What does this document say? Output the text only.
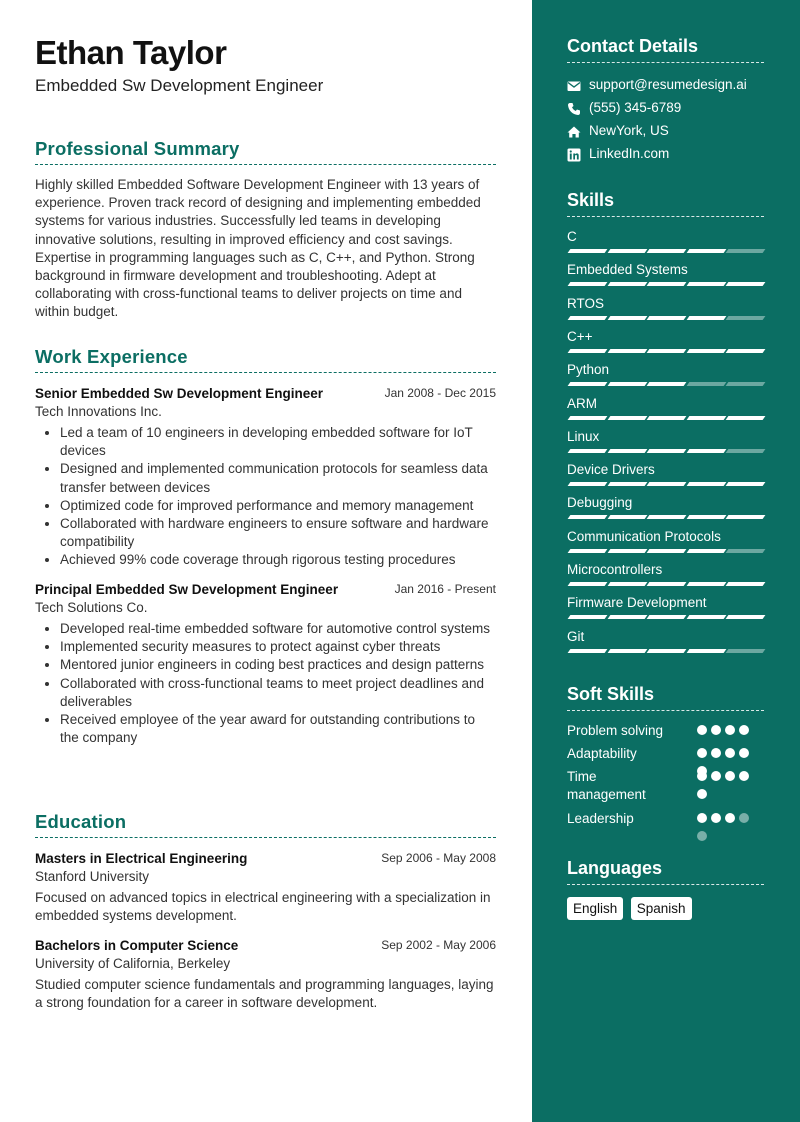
Ethan Taylor
Embedded Sw Development Engineer
Professional Summary
Highly skilled Embedded Software Development Engineer with 13 years of experience. Proven track record of designing and implementing embedded systems for various industries. Successfully led teams in developing innovative solutions, resulting in improved efficiency and cost savings. Expertise in programming languages such as C, C++, and Python. Strong background in firmware development and troubleshooting. Adept at collaborating with cross-functional teams to deliver projects on time and within budget.
Work Experience
Senior Embedded Sw Development Engineer	Jan 2008 - Dec 2015
Tech Innovations Inc.
• Led a team of 10 engineers in developing embedded software for IoT devices
• Designed and implemented communication protocols for seamless data transfer between devices
• Optimized code for improved performance and memory management
• Collaborated with hardware engineers to ensure software and hardware compatibility
• Achieved 99% code coverage through rigorous testing procedures
Principal Embedded Sw Development Engineer	Jan 2016 - Present
Tech Solutions Co.
• Developed real-time embedded software for automotive control systems
• Implemented security measures to protect against cyber threats
• Mentored junior engineers in coding best practices and design patterns
• Collaborated with cross-functional teams to meet project deadlines and deliverables
• Received employee of the year award for outstanding contributions to the company
Education
Masters in Electrical Engineering	Sep 2006 - May 2008
Stanford University
Focused on advanced topics in electrical engineering with a specialization in embedded systems development.
Bachelors in Computer Science	Sep 2002 - May 2006
University of California, Berkeley
Studied computer science fundamentals and programming languages, laying a strong foundation for a career in software development.
Contact Details
support@resumedesign.ai
(555) 345-6789
NewYork, US
LinkedIn.com
Skills
C
Embedded Systems
RTOS
C++
Python
ARM
Linux
Device Drivers
Debugging
Communication Protocols
Microcontrollers
Firmware Development
Git
Soft Skills
Problem solving
Adaptability
Time management
Leadership
Languages
English Spanish
